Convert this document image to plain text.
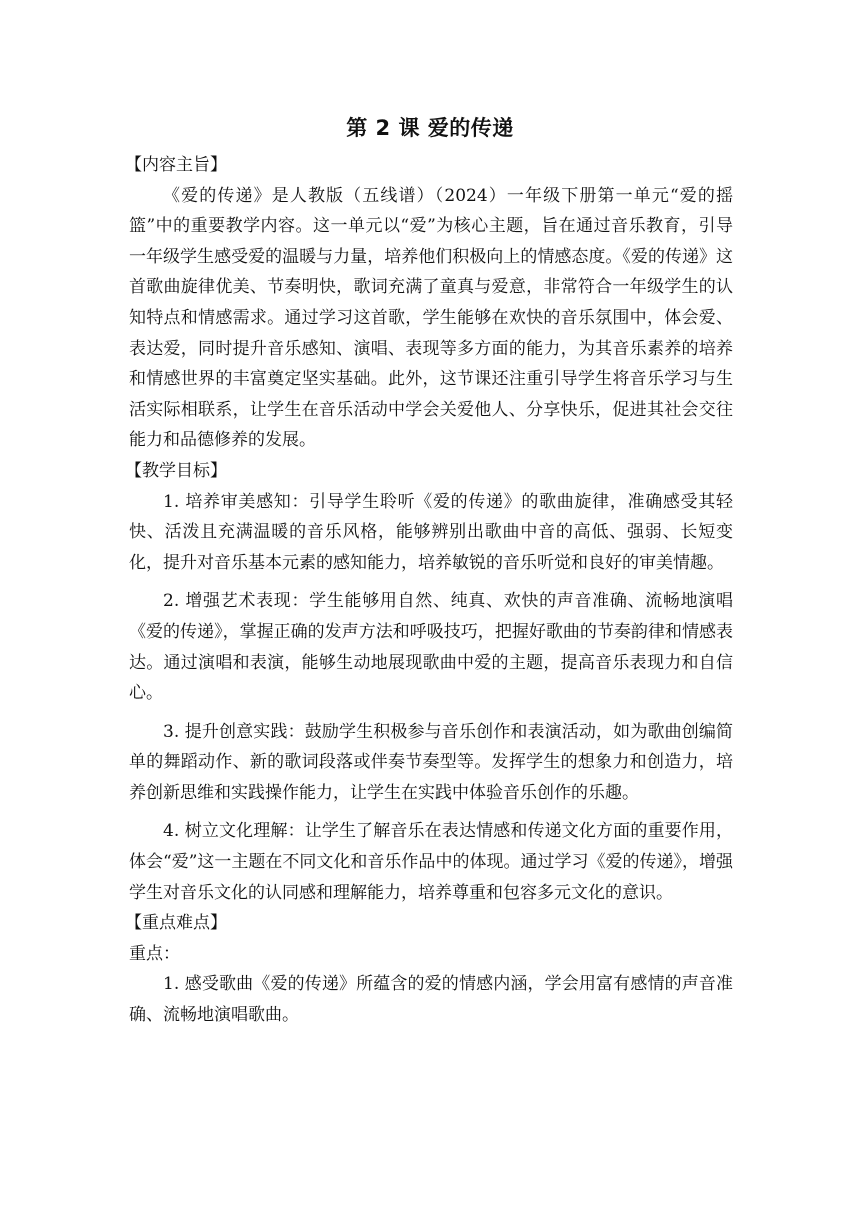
第 2 课 爱的传递

【内容主旨】

《爱的传递》是人教版（五线谱）（2024）一年级下册第一单元“爱的摇篮”中的重要教学内容。这一单元以“爱”为核心主题，旨在通过音乐教育，引导一年级学生感受爱的温暖与力量，培养他们积极向上的情感态度。《爱的传递》这首歌曲旋律优美、节奏明快，歌词充满了童真与爱意，非常符合一年级学生的认知特点和情感需求。通过学习这首歌，学生能够在欢快的音乐氛围中，体会爱、表达爱，同时提升音乐感知、演唱、表现等多方面的能力，为其音乐素养的培养和情感世界的丰富奠定坚实基础。此外，这节课还注重引导学生将音乐学习与生活实际相联系，让学生在音乐活动中学会关爱他人、分享快乐，促进其社会交往能力和品德修养的发展。

【教学目标】

1. 培养审美感知：引导学生聆听《爱的传递》的歌曲旋律，准确感受其轻快、活泼且充满温暖的音乐风格，能够辨别出歌曲中音的高低、强弱、长短变化，提升对音乐基本元素的感知能力，培养敏锐的音乐听觉和良好的审美情趣。

2. 增强艺术表现：学生能够用自然、纯真、欢快的声音准确、流畅地演唱《爱的传递》，掌握正确的发声方法和呼吸技巧，把握好歌曲的节奏韵律和情感表达。通过演唱和表演，能够生动地展现歌曲中爱的主题，提高音乐表现力和自信心。

3. 提升创意实践：鼓励学生积极参与音乐创作和表演活动，如为歌曲创编简单的舞蹈动作、新的歌词段落或伴奏节奏型等。发挥学生的想象力和创造力，培养创新思维和实践操作能力，让学生在实践中体验音乐创作的乐趣。

4. 树立文化理解：让学生了解音乐在表达情感和传递文化方面的重要作用，体会“爱”这一主题在不同文化和音乐作品中的体现。通过学习《爱的传递》，增强学生对音乐文化的认同感和理解能力，培养尊重和包容多元文化的意识。

【重点难点】

重点：

1. 感受歌曲《爱的传递》所蕴含的爱的情感内涵，学会用富有感情的声音准确、流畅地演唱歌曲。
